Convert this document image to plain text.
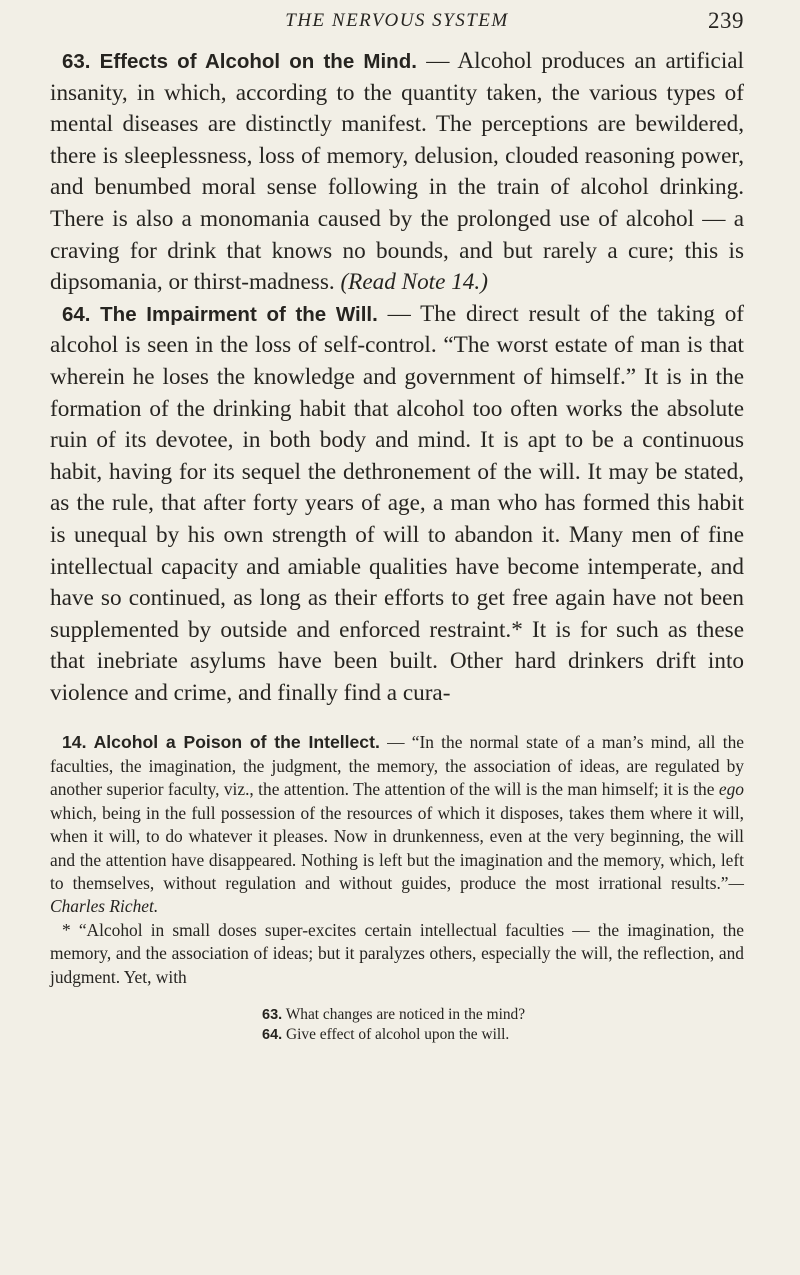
THE NERVOUS SYSTEM	239

63. Effects of Alcohol on the Mind. — Alcohol produces an artificial insanity, in which, according to the quantity taken, the various types of mental diseases are distinctly manifest. The perceptions are bewildered, there is sleeplessness, loss of memory, delusion, clouded reasoning power, and benumbed moral sense following in the train of alcohol drinking. There is also a monomania caused by the prolonged use of alcohol — a craving for drink that knows no bounds, and but rarely a cure; this is dipsomania, or thirst-madness. (Read Note 14.)

64. The Impairment of the Will. — The direct result of the taking of alcohol is seen in the loss of self-control. “The worst estate of man is that wherein he loses the knowledge and government of himself.” It is in the formation of the drinking habit that alcohol too often works the absolute ruin of its devotee, in both body and mind. It is apt to be a continuous habit, having for its sequel the dethronement of the will. It may be stated, as the rule, that after forty years of age, a man who has formed this habit is unequal by his own strength of will to abandon it. Many men of fine intellectual capacity and amiable qualities have become intemperate, and have so continued, as long as their efforts to get free again have not been supplemented by outside and enforced restraint.* It is for such as these that inebriate asylums have been built. Other hard drinkers drift into violence and crime, and finally find a cura-

14. Alcohol a Poison of the Intellect. — “In the normal state of a man’s mind, all the faculties, the imagination, the judgment, the memory, the association of ideas, are regulated by another superior faculty, viz., the attention. The attention of the will is the man himself; it is the ego which, being in the full possession of the resources of which it disposes, takes them where it will, when it will, to do whatever it pleases. Now in drunkenness, even at the very beginning, the will and the attention have disappeared. Nothing is left but the imagination and the memory, which, left to themselves, without regulation and without guides, produce the most irrational results.”— Charles Richet.

* “Alcohol in small doses super-excites certain intellectual faculties — the imagination, the memory, and the association of ideas; but it paralyzes others, especially the will, the reflection, and judgment. Yet, with

63. What changes are noticed in the mind?
64. Give effect of alcohol upon the will.
